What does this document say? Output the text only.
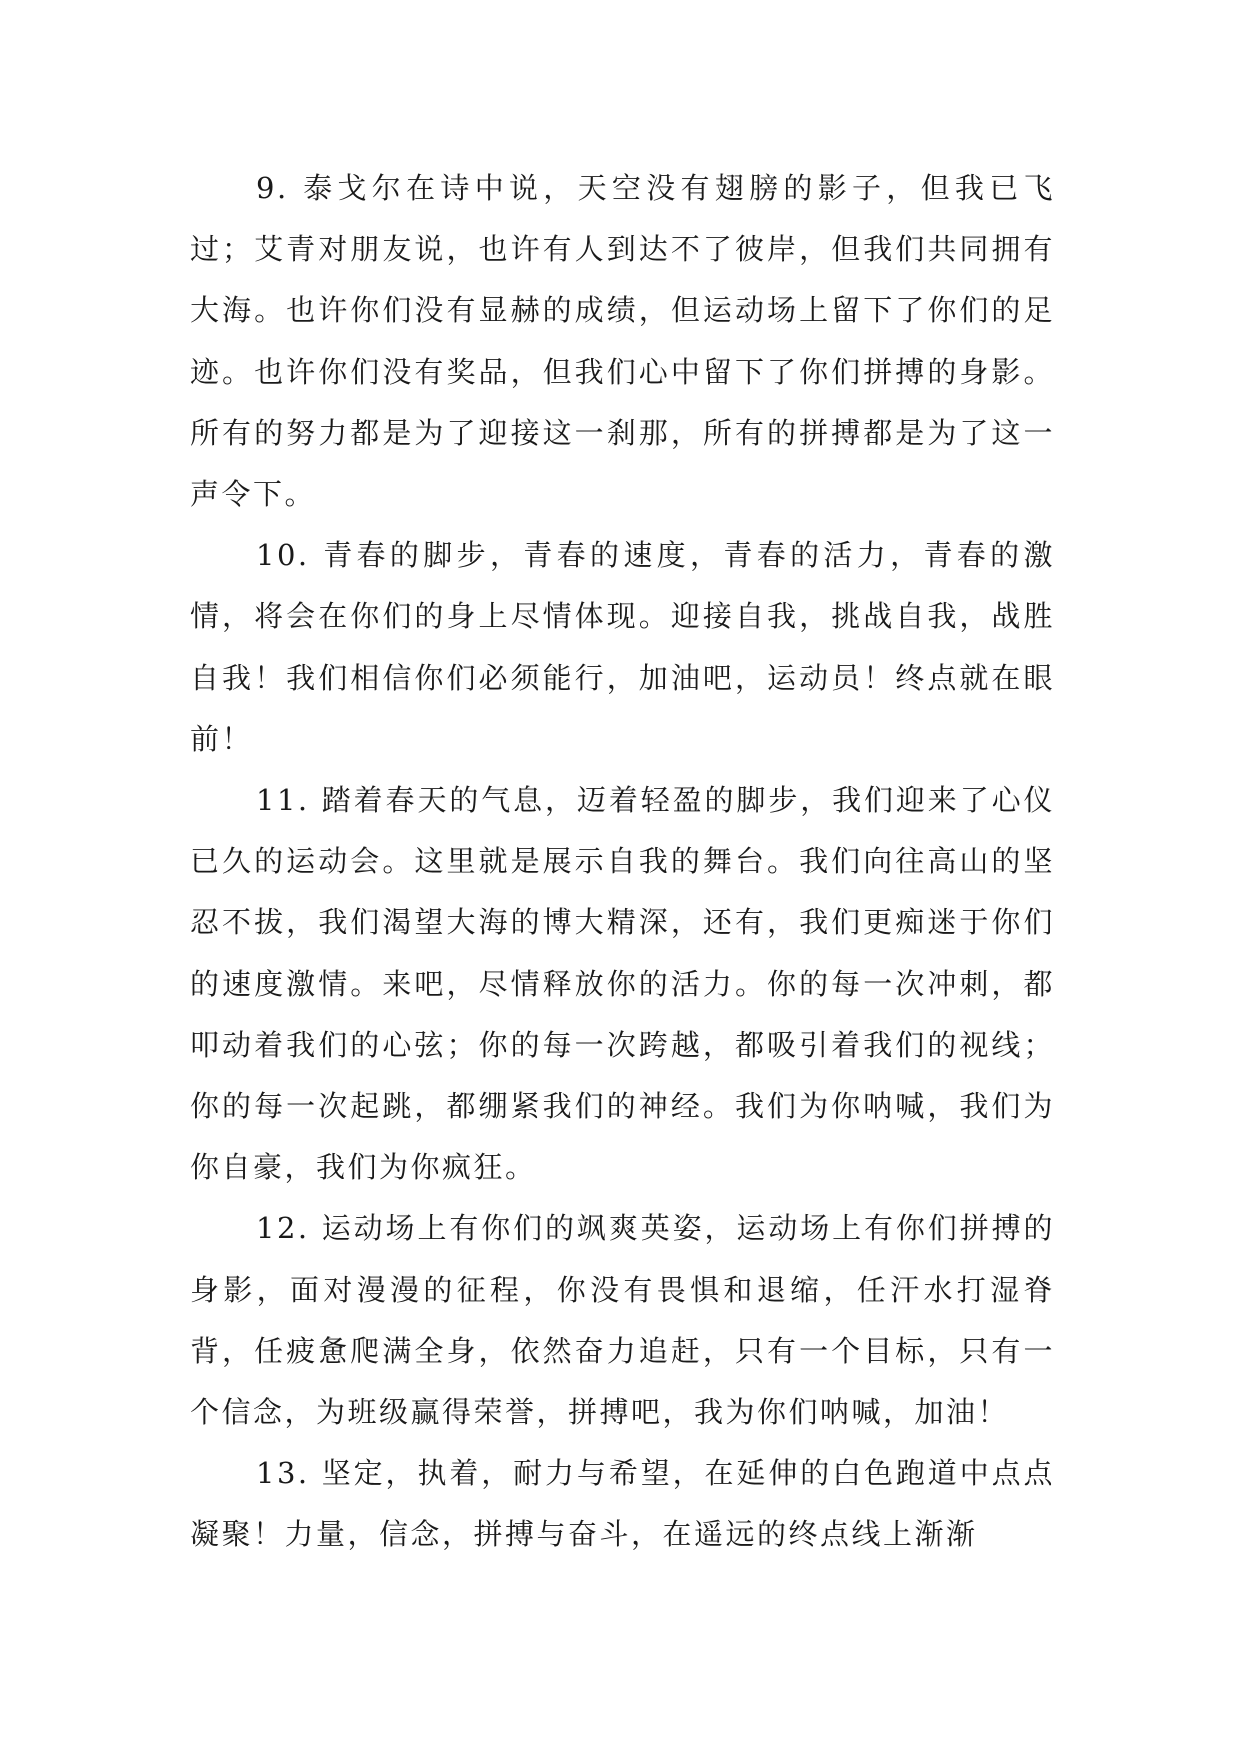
9. 泰戈尔在诗中说，天空没有翅膀的影子，但我已飞过；艾青对朋友说，也许有人到达不了彼岸，但我们共同拥有大海。也许你们没有显赫的成绩，但运动场上留下了你们的足迹。也许你们没有奖品，但我们心中留下了你们拼搏的身影。所有的努力都是为了迎接这一刹那，所有的拼搏都是为了这一声令下。

10. 青春的脚步，青春的速度，青春的活力，青春的激情，将会在你们的身上尽情体现。迎接自我，挑战自我，战胜自我！我们相信你们必须能行，加油吧，运动员！终点就在眼前！

11. 踏着春天的气息，迈着轻盈的脚步，我们迎来了心仪已久的运动会。这里就是展示自我的舞台。我们向往高山的坚忍不拔，我们渴望大海的博大精深，还有，我们更痴迷于你们的速度激情。来吧，尽情释放你的活力。你的每一次冲刺，都叩动着我们的心弦；你的每一次跨越，都吸引着我们的视线；你的每一次起跳，都绷紧我们的神经。我们为你呐喊，我们为你自豪，我们为你疯狂。

12. 运动场上有你们的飒爽英姿，运动场上有你们拼搏的身影，面对漫漫的征程，你没有畏惧和退缩，任汗水打湿脊背，任疲惫爬满全身，依然奋力追赶，只有一个目标，只有一个信念，为班级赢得荣誉，拼搏吧，我为你们呐喊，加油！

13. 坚定，执着，耐力与希望，在延伸的白色跑道中点点凝聚！力量，信念，拼搏与奋斗，在遥远的终点线上渐渐
